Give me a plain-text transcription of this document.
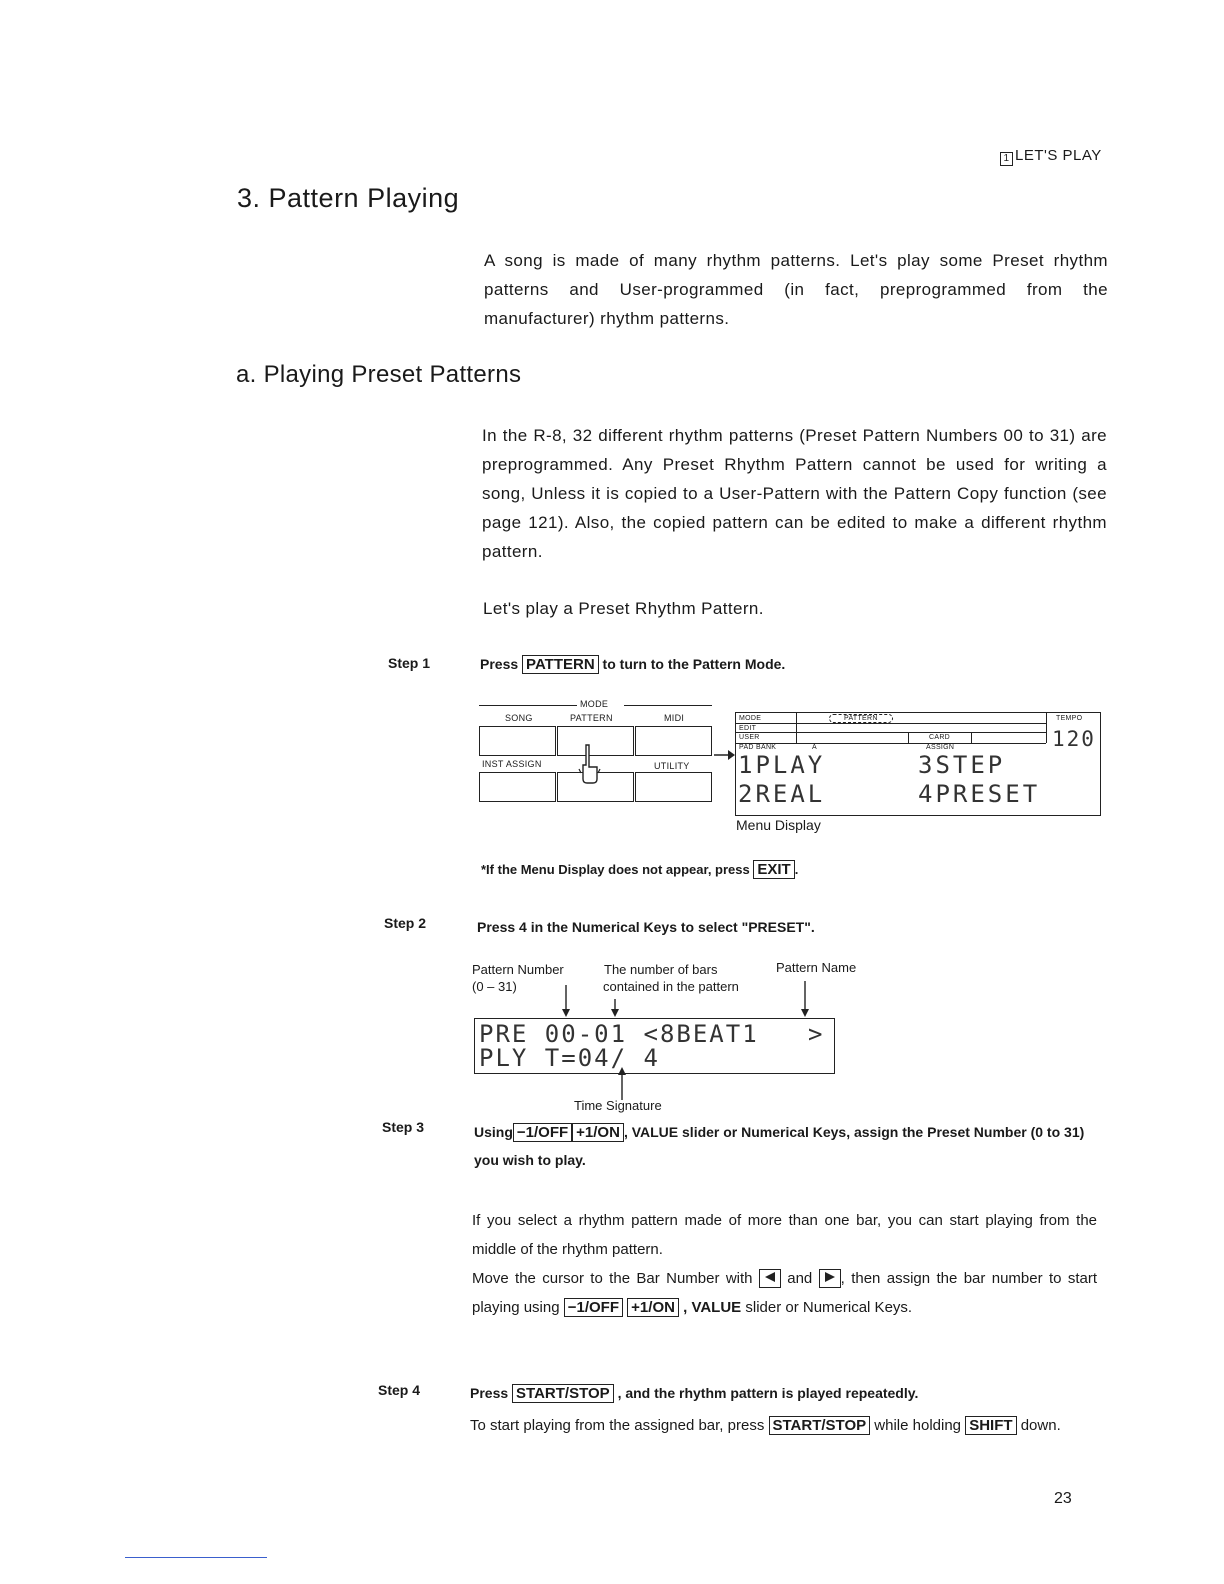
1 LET'S PLAY
3. Pattern Playing
A song is made of many rhythm patterns. Let's play some Preset rhythm patterns and User-programmed (in fact, preprogrammed from the manufacturer) rhythm patterns.
a. Playing Preset Patterns
In the R-8, 32 different rhythm patterns (Preset Pattern Numbers 00 to 31) are preprogrammed. Any Preset Rhythm Pattern cannot be used for writing a song, Unless it is copied to a User-Pattern with the Pattern Copy function (see page 121). Also, the copied pattern can be edited to make a different rhythm pattern.
Let's play a Preset Rhythm Pattern.
Step 1	Press PATTERN to turn to the Pattern Mode.
MODE
SONG	PATTERN	MIDI
INST ASSIGN	UTILITY
MODE
EDIT
USER
PAD BANK	A
PATTERN
CARD
ASSIGN
TEMPO
120
1PLAY
2REAL
3STEP
4PRESET
Menu Display
*If the Menu Display does not appear, press EXIT .
Step 2	Press 4 in the Numerical Keys to select "PRESET".
Pattern Number
(0 – 31)
The number of bars
contained in the pattern
Pattern Name
PRE 00-01 <8BEAT1   >
PLY T=04/ 4
Time Signature
Step 3	Using −1/OFF +1/ON , VALUE slider or Numerical Keys, assign the Preset Number (0 to 31) you wish to play.
If you select a rhythm pattern made of more than one bar, you can start playing from the middle of the rhythm pattern.
Move the cursor to the Bar Number with and , then assign the bar number to start playing using −1/OFF +1/ON , VALUE slider or Numerical Keys.
Step 4	Press START/STOP , and the rhythm pattern is played repeatedly.
To start playing from the assigned bar, press START/STOP while holding SHIFT down.
23
